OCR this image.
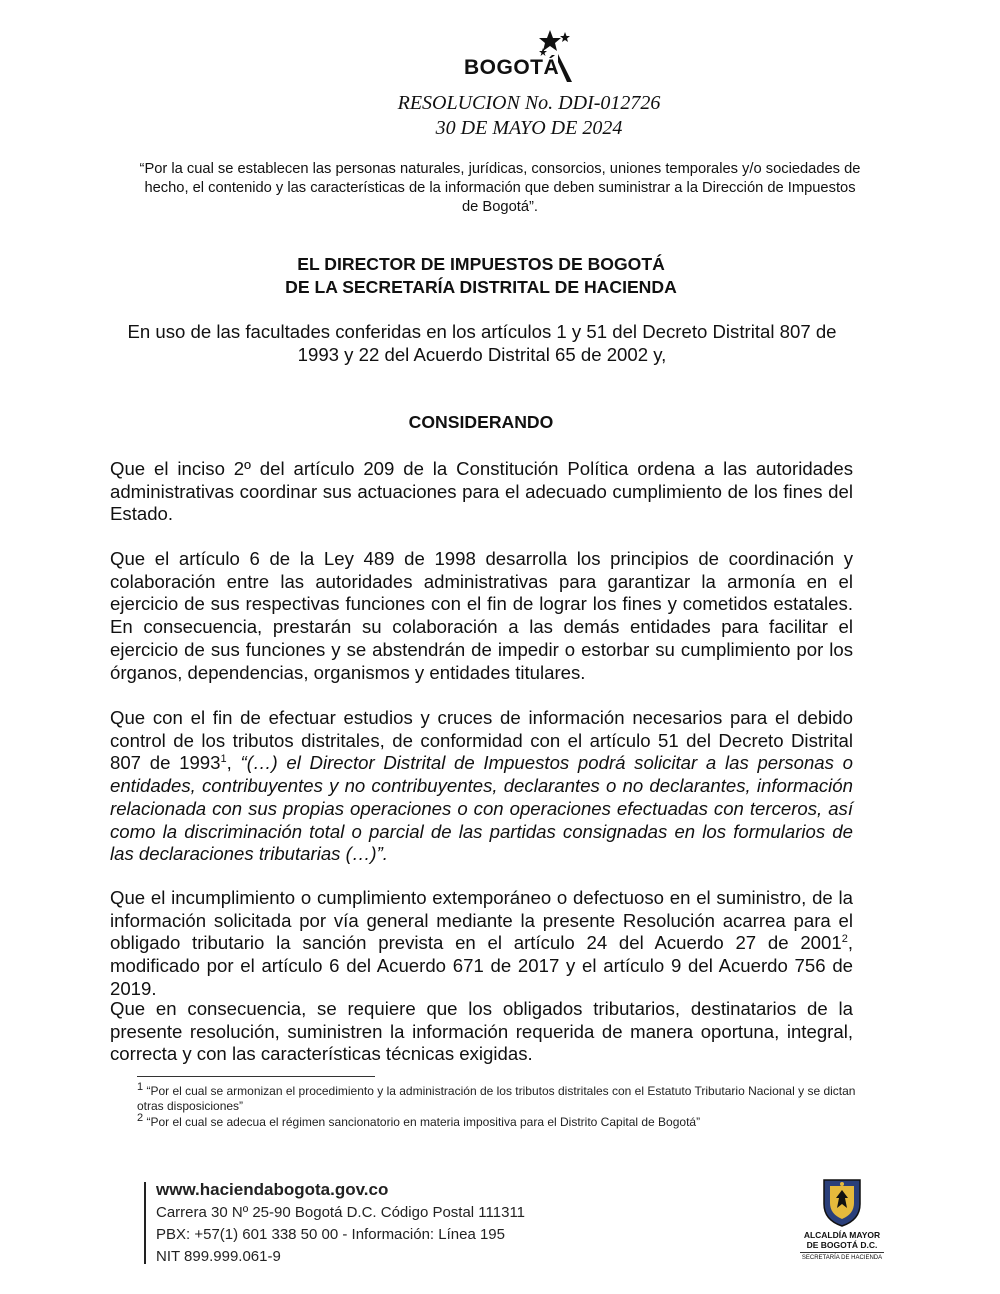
BOGOTÁ
RESOLUCION No. DDI-012726
30 DE MAYO DE 2024
“Por la cual se establecen las personas naturales, jurídicas, consorcios, uniones temporales y/o sociedades de hecho, el contenido y las características de la información que deben suministrar a la Dirección de Impuestos de Bogotá”.
EL DIRECTOR DE IMPUESTOS DE BOGOTÁ
DE LA SECRETARÍA DISTRITAL DE HACIENDA
En uso de las facultades conferidas en los artículos 1 y 51 del Decreto Distrital 807 de 1993 y 22 del Acuerdo Distrital 65 de 2002 y,
CONSIDERANDO

Que el inciso 2º del artículo 209 de la Constitución Política ordena a las autoridades administrativas coordinar sus actuaciones para el adecuado cumplimiento de los fines del Estado.

Que el artículo 6 de la Ley 489 de 1998 desarrolla los principios de coordinación y colaboración entre las autoridades administrativas para garantizar la armonía en el ejercicio de sus respectivas funciones con el fin de lograr los fines y cometidos estatales. En consecuencia, prestarán su colaboración a las demás entidades para facilitar el ejercicio de sus funciones y se abstendrán de impedir o estorbar su cumplimiento por los órganos, dependencias, organismos y entidades titulares.

Que con el fin de efectuar estudios y cruces de información necesarios para el debido control de los tributos distritales, de conformidad con el artículo 51 del Decreto Distrital 807 de 1993$^1$, “(…) el Director Distrital de Impuestos podrá solicitar a las personas o entidades, contribuyentes y no contribuyentes, declarantes o no declarantes, información relacionada con sus propias operaciones o con operaciones efectuadas con terceros, así como la discriminación total o parcial de las partidas consignadas en los formularios de las declaraciones tributarias (…)”.

Que el incumplimiento o cumplimiento extemporáneo o defectuoso en el suministro, de la información solicitada por vía general mediante la presente Resolución acarrea para el obligado tributario la sanción prevista en el artículo 24 del Acuerdo 27 de 2001$^2$, modificado por el artículo 6 del Acuerdo 671 de 2017 y el artículo 9 del Acuerdo 756 de 2019.

Que en consecuencia, se requiere que los obligados tributarios, destinatarios de la presente resolución, suministren la información requerida de manera oportuna, integral, correcta y con las características técnicas exigidas.

$^1$ “Por el cual se armonizan el procedimiento y la administración de los tributos distritales con el Estatuto Tributario Nacional y se dictan otras disposiciones”
$^2$ “Por el cual se adecua el régimen sancionatorio en materia impositiva para el Distrito Capital de Bogotá”
www.haciendabogota.gov.co
Carrera 30 Nº 25-90 Bogotá D.C. Código Postal 111311
PBX: +57(1) 601 338 50 00 - Información: Línea 195
NIT 899.999.061-9
ALCALDÍA MAYOR
DE BOGOTÁ D.C.
SECRETARÍA DE HACIENDA
